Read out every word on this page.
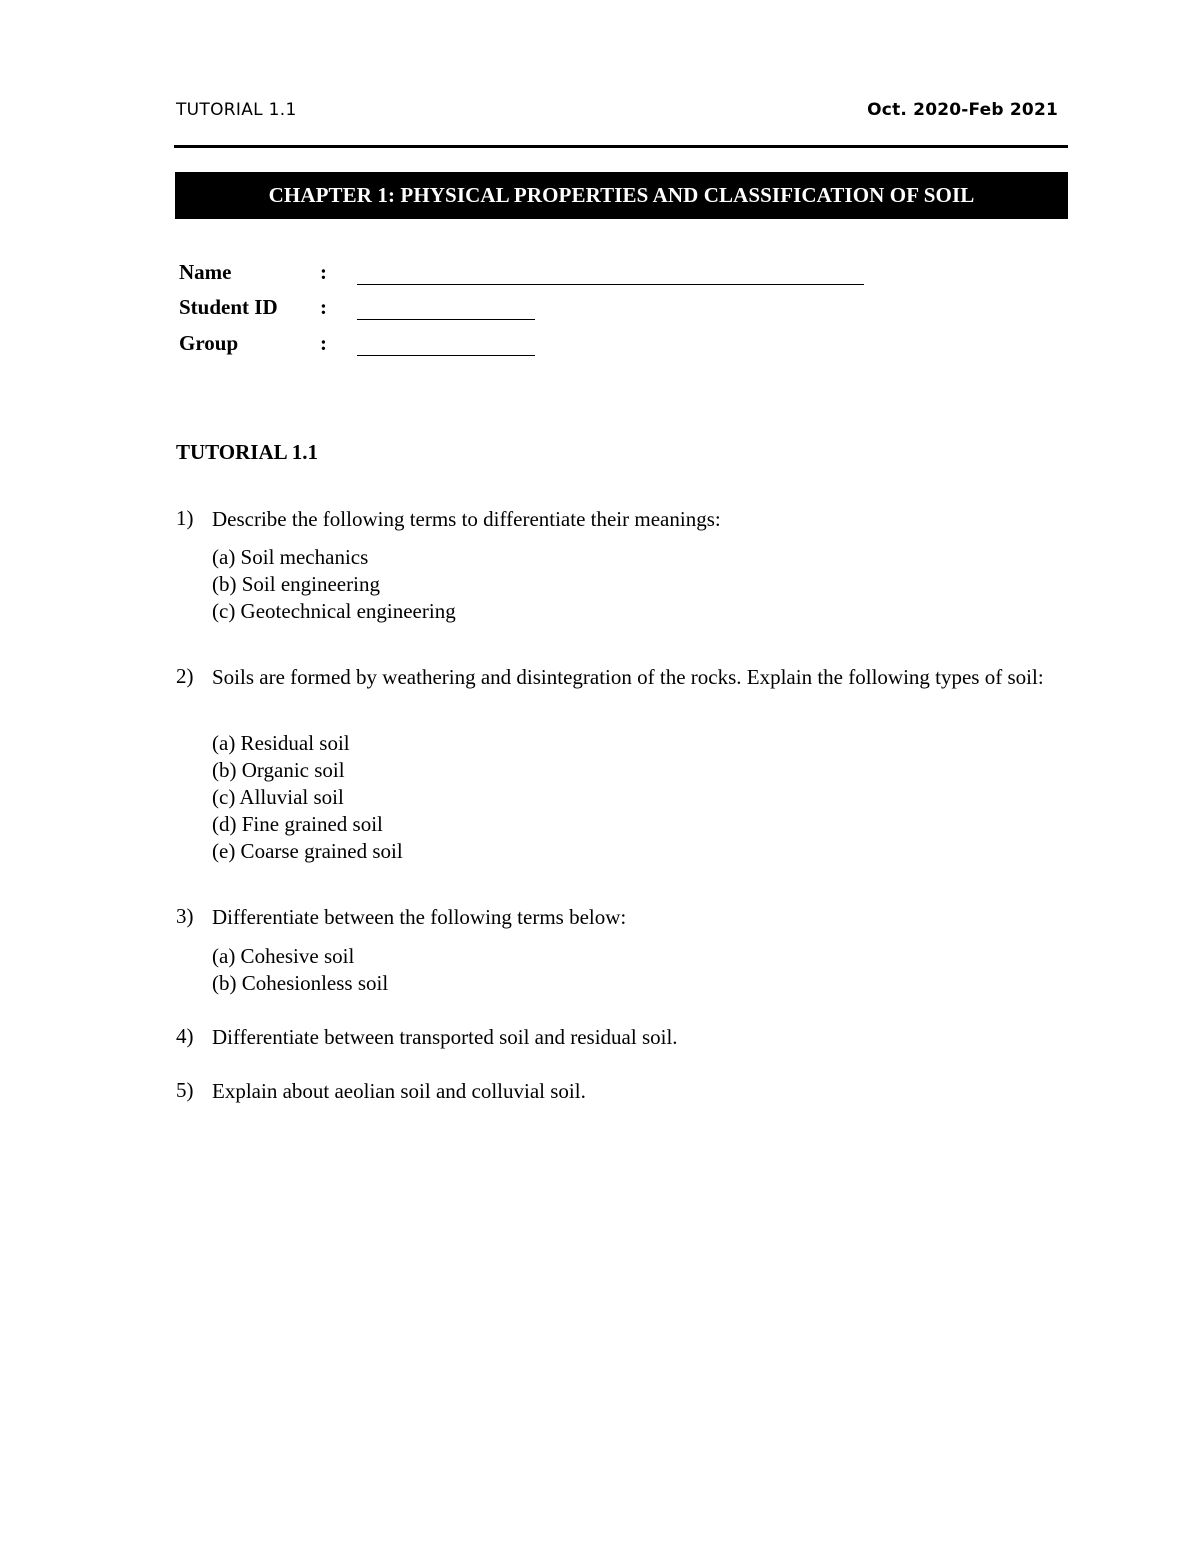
TUTORIAL 1.1	Oct. 2020-Feb 2021
CHAPTER 1: PHYSICAL PROPERTIES AND CLASSIFICATION OF SOIL
Name	:
Student ID :
Group	:
TUTORIAL 1.1
1) Describe the following terms to differentiate their meanings:
(a) Soil mechanics
(b) Soil engineering
(c) Geotechnical engineering
2) Soils are formed by weathering and disintegration of the rocks. Explain the following types of soil:
(a) Residual soil
(b) Organic soil
(c) Alluvial soil
(d) Fine grained soil
(e) Coarse grained soil
3) Differentiate between the following terms below:
(a) Cohesive soil
(b) Cohesionless soil
4) Differentiate between transported soil and residual soil.
5) Explain about aeolian soil and colluvial soil.
